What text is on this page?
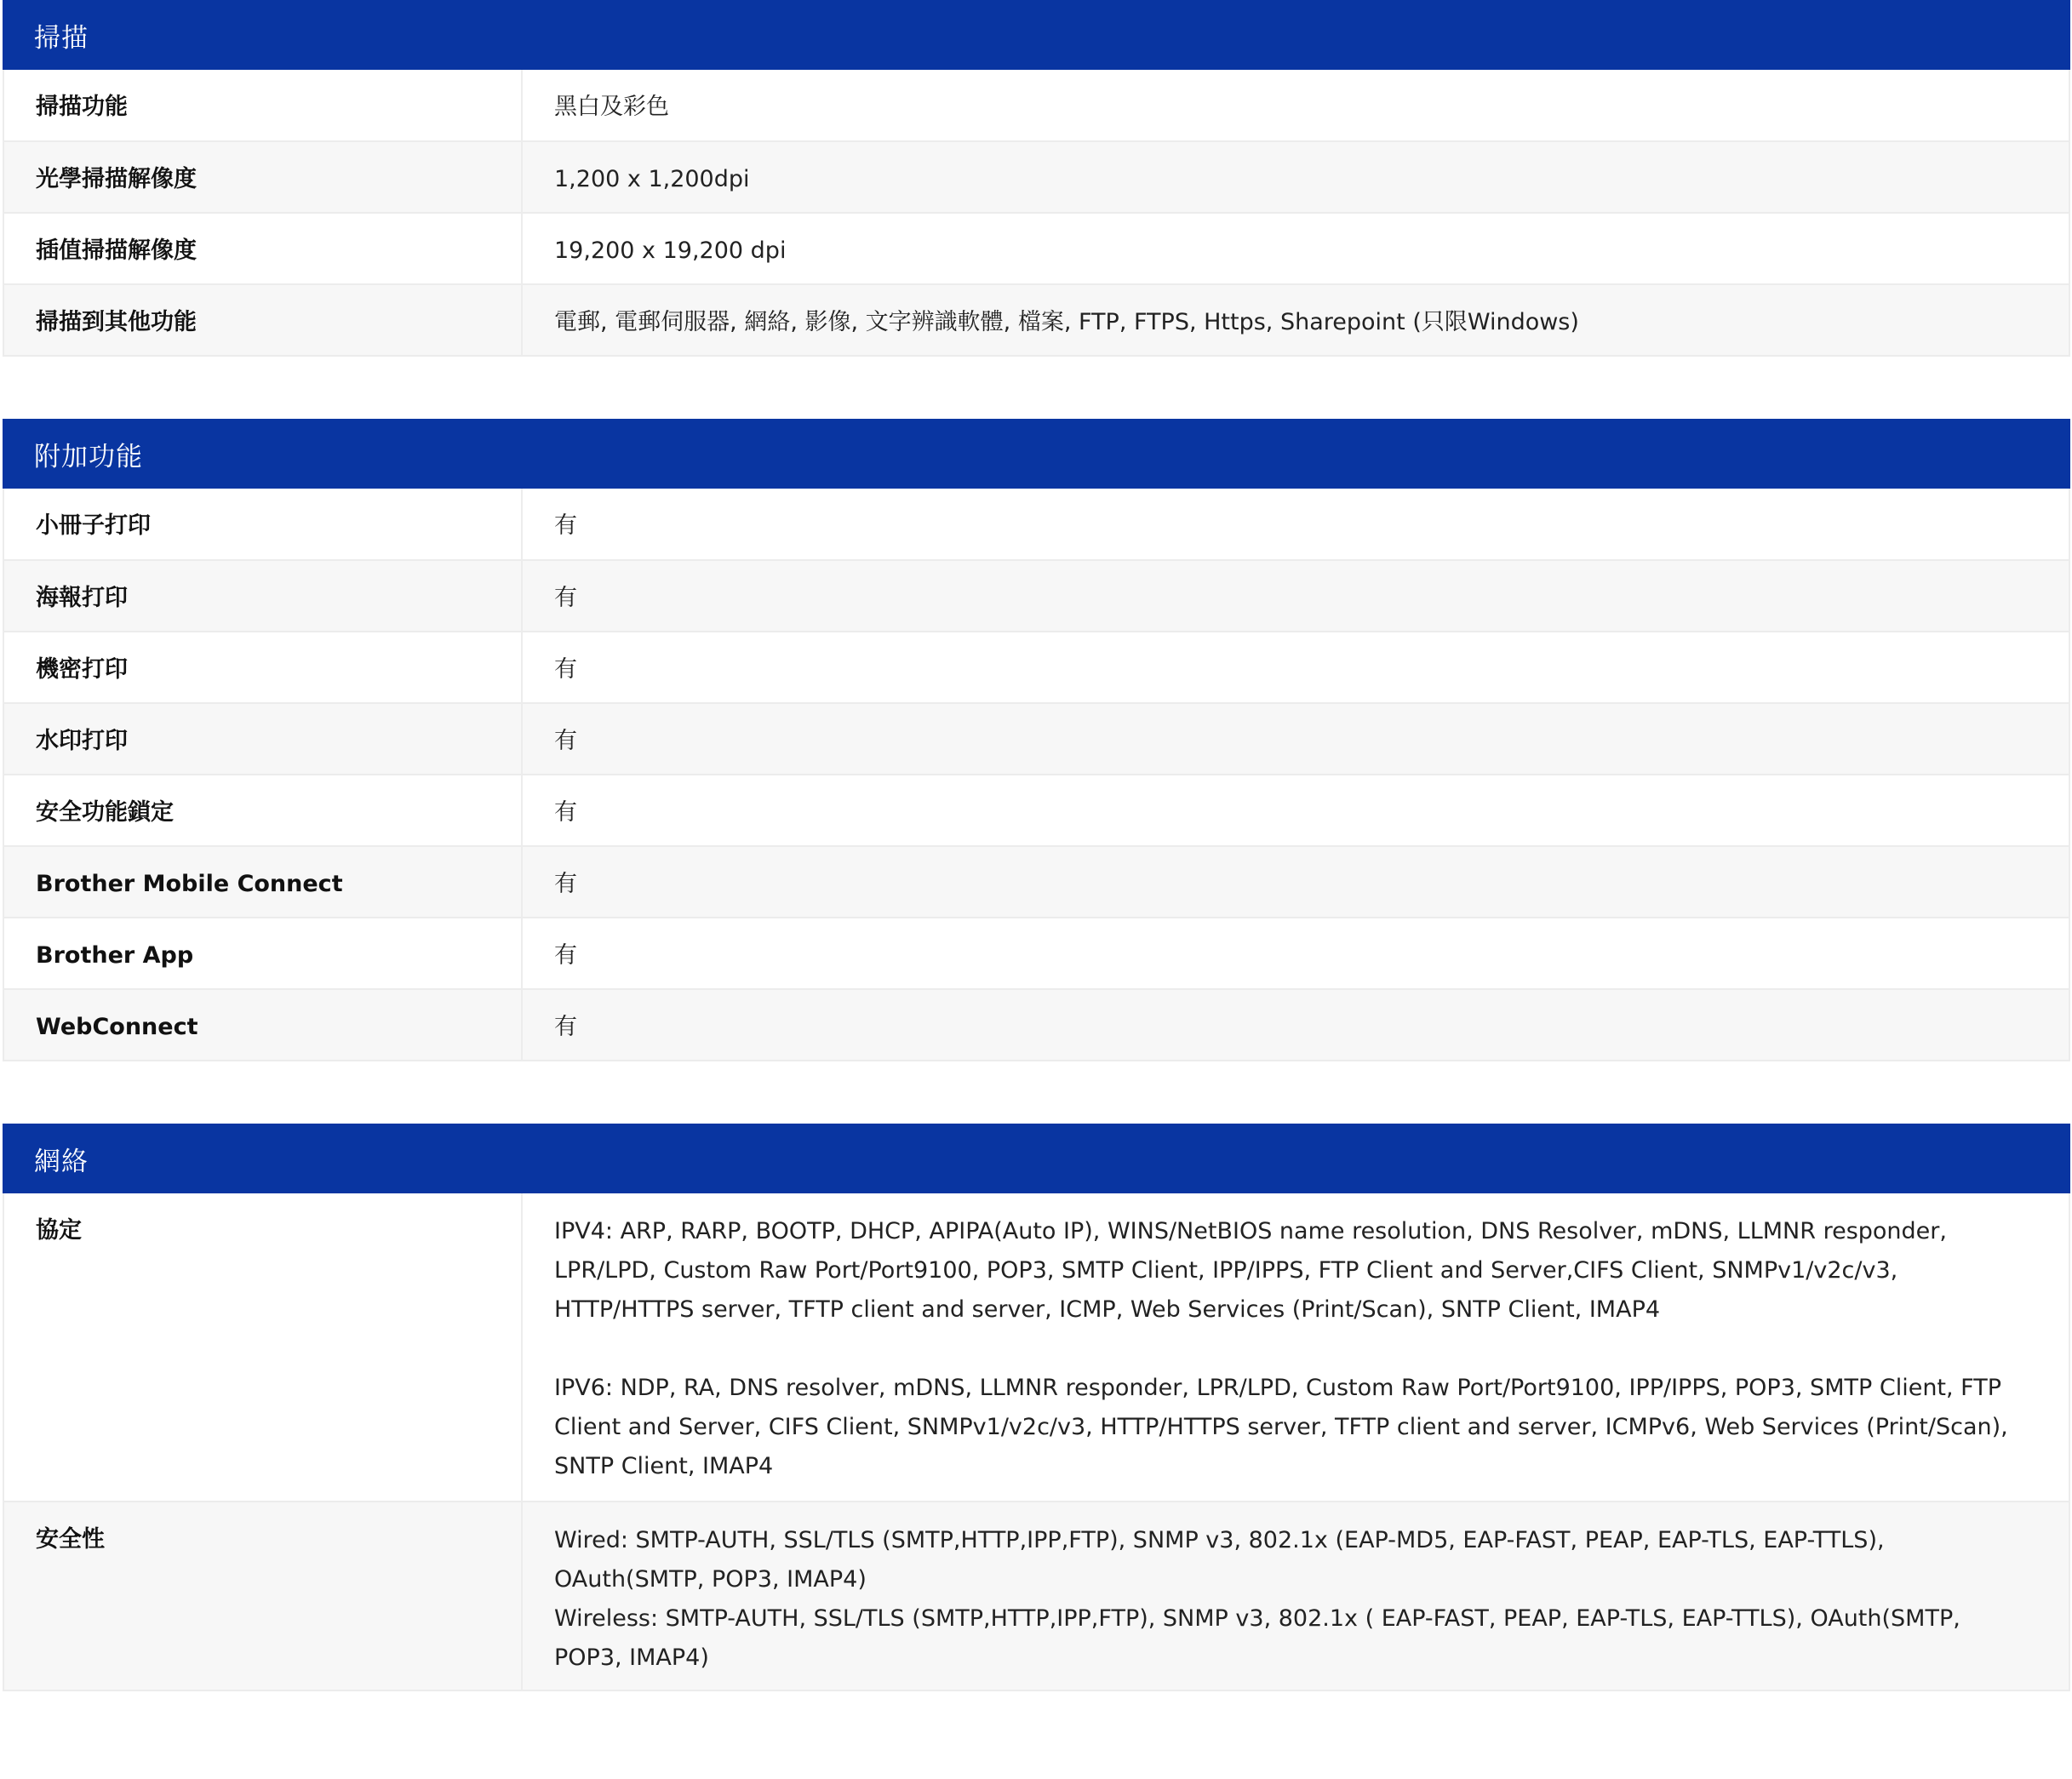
掃描
掃描功能	黑白及彩色
光學掃描解像度	1,200 x 1,200dpi
插值掃描解像度	19,200 x 19,200 dpi
掃描到其他功能	電郵, 電郵伺服器, 網絡, 影像, 文字辨識軟體, 檔案, FTP, FTPS, Https, Sharepoint (只限Windows)
附加功能
小冊子打印	有
海報打印	有
機密打印	有
水印打印	有
安全功能鎖定	有
Brother Mobile Connect	有
Brother App	有
WebConnect	有
網絡
協定	IPV4: ARP, RARP, BOOTP, DHCP, APIPA(Auto IP), WINS/NetBIOS name resolution, DNS Resolver, mDNS, LLMNR responder, LPR/LPD, Custom Raw Port/Port9100, POP3, SMTP Client, IPP/IPPS, FTP Client and Server,CIFS Client, SNMPv1/v2c/v3, HTTP/HTTPS server, TFTP client and server, ICMP, Web Services (Print/Scan), SNTP Client, IMAP4
IPV6: NDP, RA, DNS resolver, mDNS, LLMNR responder, LPR/LPD, Custom Raw Port/Port9100, IPP/IPPS, POP3, SMTP Client, FTP Client and Server, CIFS Client, SNMPv1/v2c/v3, HTTP/HTTPS server, TFTP client and server, ICMPv6, Web Services (Print/Scan), SNTP Client, IMAP4

安全性	Wired: SMTP-AUTH, SSL/TLS (SMTP,HTTP,IPP,FTP), SNMP v3, 802.1x (EAP-MD5, EAP-FAST, PEAP, EAP-TLS, EAP-TTLS), OAuth(SMTP, POP3, IMAP4)
Wireless: SMTP-AUTH, SSL/TLS (SMTP,HTTP,IPP,FTP), SNMP v3, 802.1x ( EAP-FAST, PEAP, EAP-TLS, EAP-TTLS), OAuth(SMTP, POP3, IMAP4)
